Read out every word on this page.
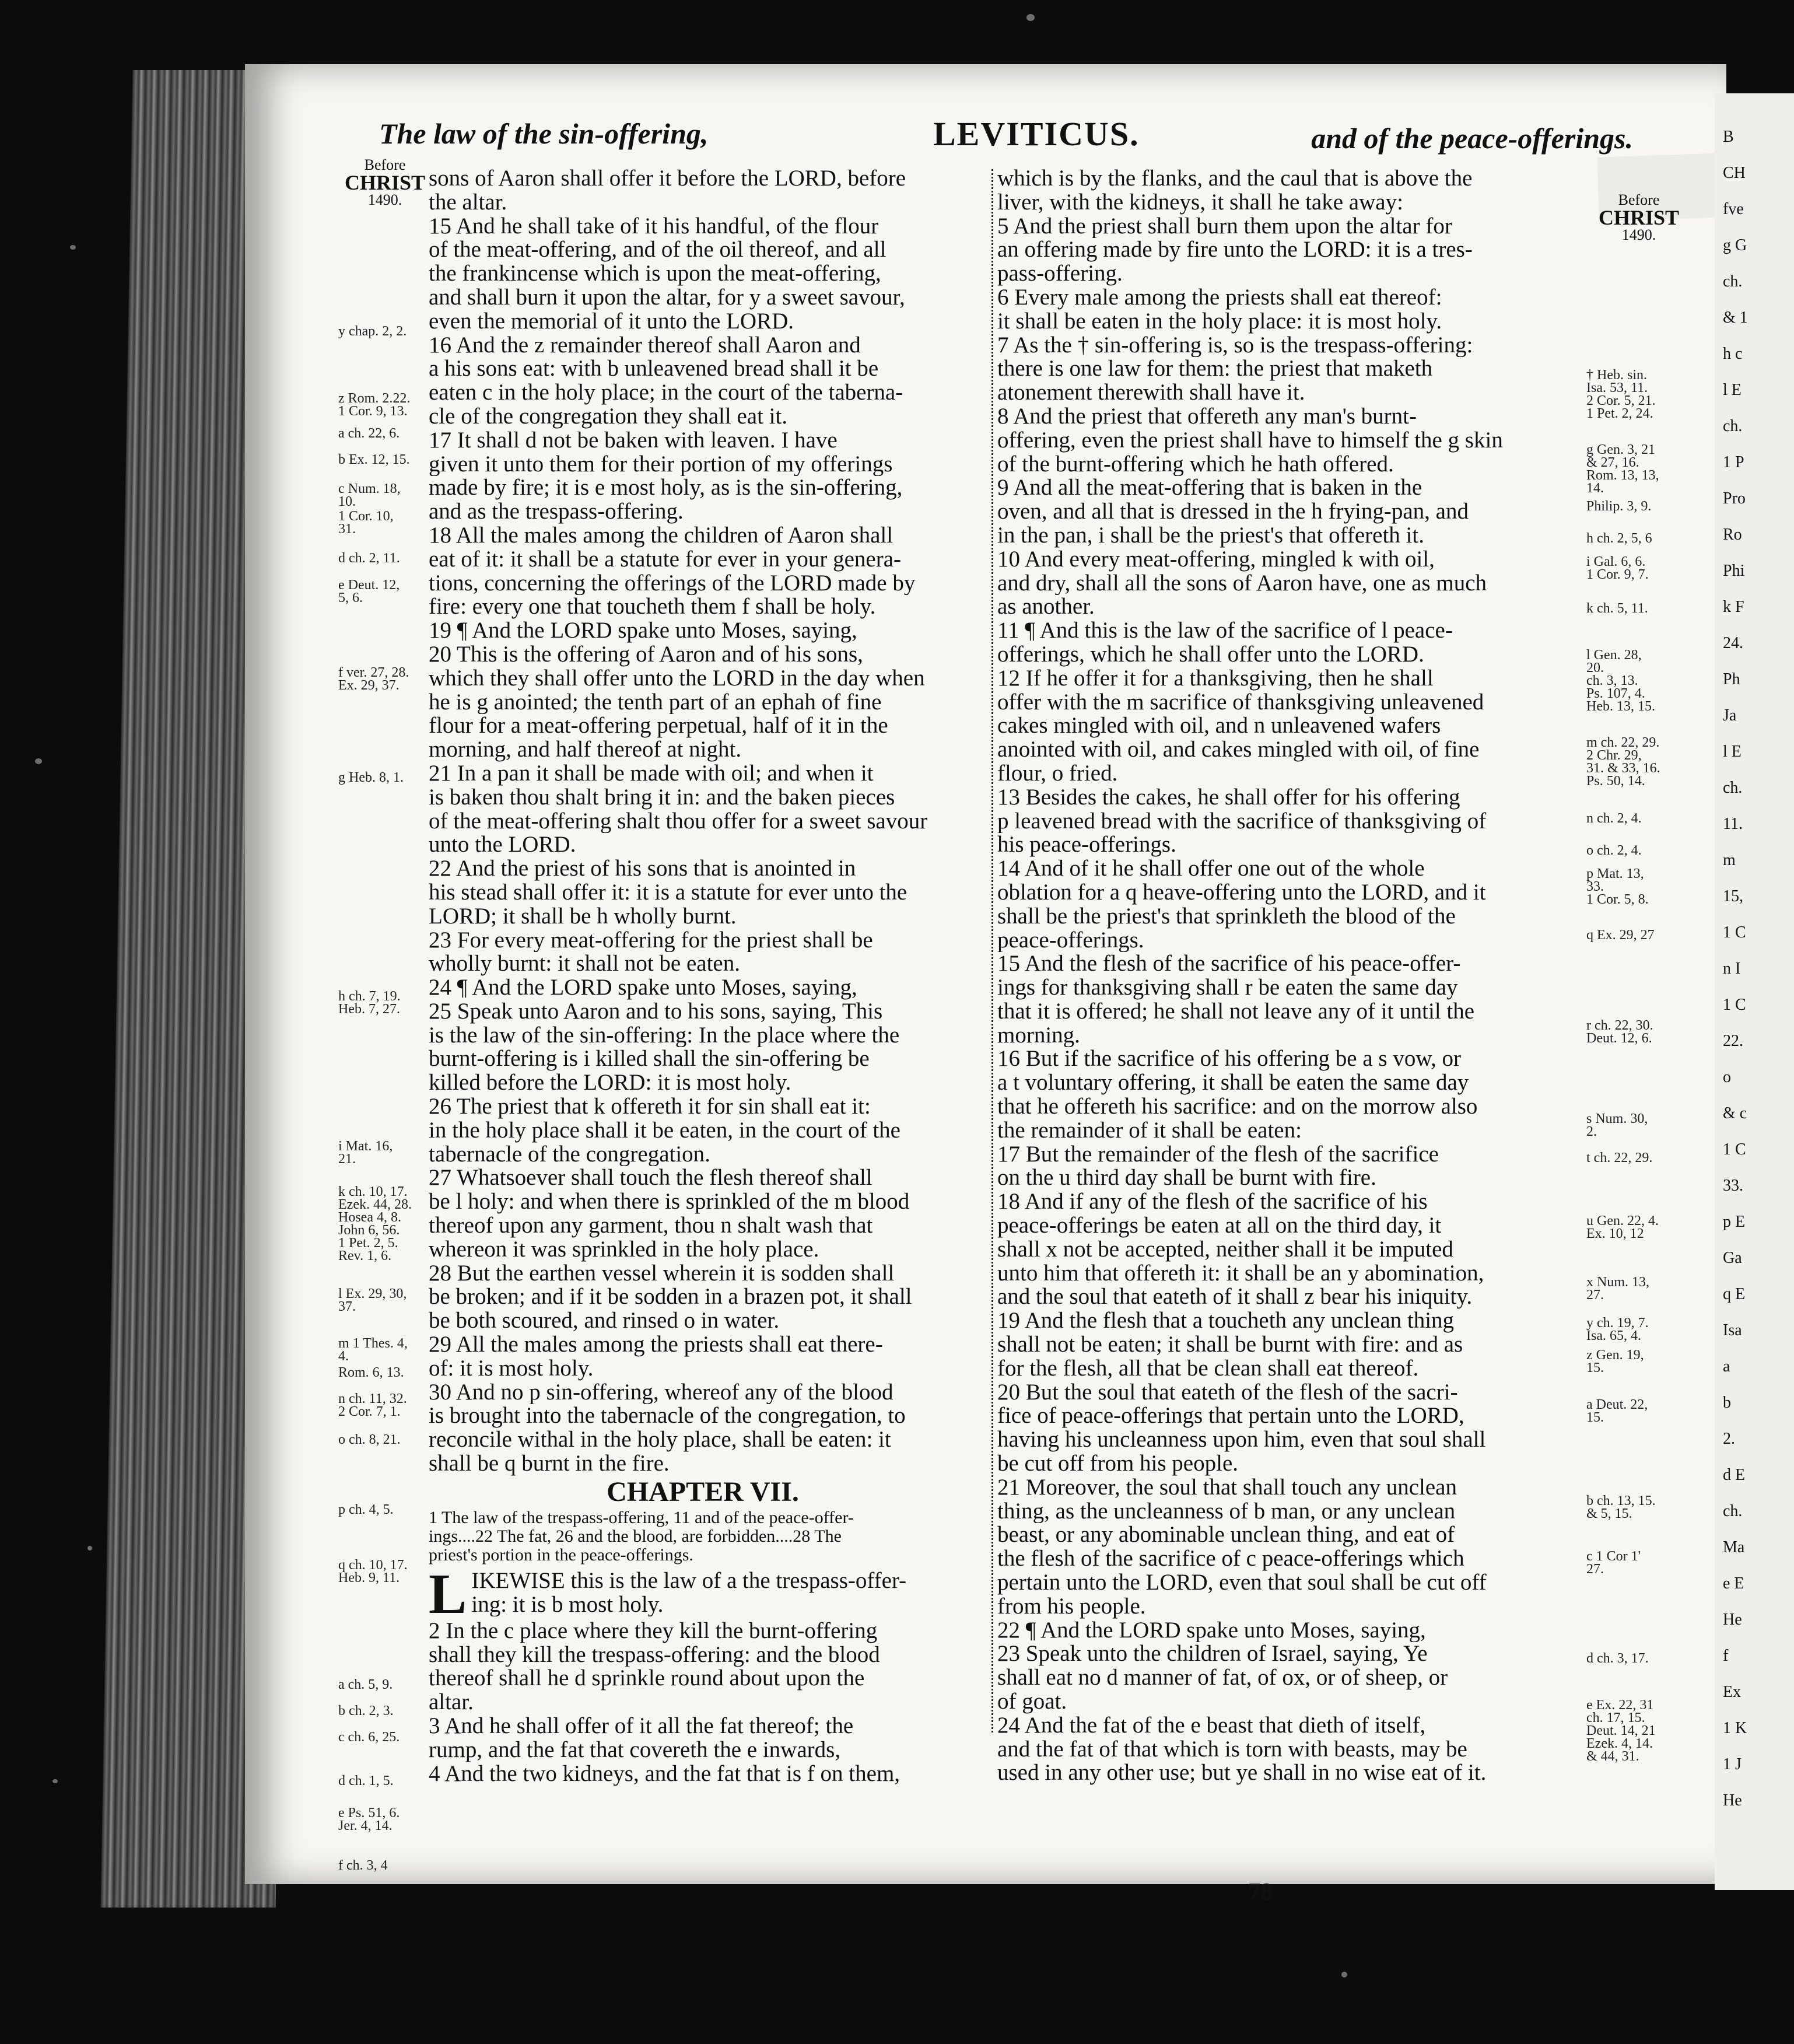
The law of the sin-offering,	LEVITICUS.	and of the peace-offerings.
Before
CHRIST
1490.	Before
CHRIST
1490.
sons of Aaron shall offer it before the LORD, before
the altar.
15 And he shall take of it his handful, of the flour
of the meat-offering, and of the oil thereof, and all
the frankincense which is upon the meat-offering,
and shall burn it upon the altar, for y a sweet savour,
even the memorial of it unto the LORD.
16 And the z remainder thereof shall Aaron and
a his sons eat: with b unleavened bread shall it be
eaten c in the holy place; in the court of the taberna-
cle of the congregation they shall eat it.
17 It shall d not be baken with leaven. I have
given it unto them for their portion of my offerings
made by fire; it is e most holy, as is the sin-offering,
and as the trespass-offering.
18 All the males among the children of Aaron shall
eat of it: it shall be a statute for ever in your genera-
tions, concerning the offerings of the LORD made by
fire: every one that toucheth them f shall be holy.
19 ¶ And the LORD spake unto Moses, saying,
20 This is the offering of Aaron and of his sons,
which they shall offer unto the LORD in the day when
he is g anointed; the tenth part of an ephah of fine
flour for a meat-offering perpetual, half of it in the
morning, and half thereof at night.
21 In a pan it shall be made with oil; and when it
is baken thou shalt bring it in: and the baken pieces
of the meat-offering shalt thou offer for a sweet savour
unto the LORD.
22 And the priest of his sons that is anointed in
his stead shall offer it: it is a statute for ever unto the
LORD; it shall be h wholly burnt.
23 For every meat-offering for the priest shall be
wholly burnt: it shall not be eaten.
24 ¶ And the LORD spake unto Moses, saying,
25 Speak unto Aaron and to his sons, saying, This
is the law of the sin-offering: In the place where the
burnt-offering is i killed shall the sin-offering be
killed before the LORD: it is most holy.
26 The priest that k offereth it for sin shall eat it:
in the holy place shall it be eaten, in the court of the
tabernacle of the congregation.
27 Whatsoever shall touch the flesh thereof shall
be l holy: and when there is sprinkled of the m blood
thereof upon any garment, thou n shalt wash that
whereon it was sprinkled in the holy place.
28 But the earthen vessel wherein it is sodden shall
be broken; and if it be sodden in a brazen pot, it shall
be both scoured, and rinsed o in water.
29 All the males among the priests shall eat there-
of: it is most holy.
30 And no p sin-offering, whereof any of the blood
is brought into the tabernacle of the congregation, to
reconcile withal in the holy place, shall be eaten: it
shall be q burnt in the fire.
CHAPTER VII.
1 The law of the trespass-offering, 11 and of the peace-offer-
ings....22 The fat, 26 and the blood, are forbidden....28 The
priest's portion in the peace-offerings.
L IKEWISE this is the law of a the trespass-offer-
ing: it is b most holy.
2 In the c place where they kill the burnt-offering
shall they kill the trespass-offering: and the blood
thereof shall he d sprinkle round about upon the
altar.
3 And he shall offer of it all the fat thereof; the
rump, and the fat that covereth the e inwards,
4 And the two kidneys, and the fat that is f on them,
which is by the flanks, and the caul that is above the
liver, with the kidneys, it shall he take away:
5 And the priest shall burn them upon the altar for
an offering made by fire unto the LORD: it is a tres-
pass-offering.
6 Every male among the priests shall eat thereof:
it shall be eaten in the holy place: it is most holy.
7 As the † sin-offering is, so is the trespass-offering:
there is one law for them: the priest that maketh
atonement therewith shall have it.
8 And the priest that offereth any man's burnt-
offering, even the priest shall have to himself the g skin
of the burnt-offering which he hath offered.
9 And all the meat-offering that is baken in the
oven, and all that is dressed in the h frying-pan, and
in the pan, i shall be the priest's that offereth it.
10 And every meat-offering, mingled k with oil,
and dry, shall all the sons of Aaron have, one as much
as another.
11 ¶ And this is the law of the sacrifice of l peace-
offerings, which he shall offer unto the LORD.
12 If he offer it for a thanksgiving, then he shall
offer with the m sacrifice of thanksgiving unleavened
cakes mingled with oil, and n unleavened wafers
anointed with oil, and cakes mingled with oil, of fine
flour, o fried.
13 Besides the cakes, he shall offer for his offering
p leavened bread with the sacrifice of thanksgiving of
his peace-offerings.
14 And of it he shall offer one out of the whole
oblation for a q heave-offering unto the LORD, and it
shall be the priest's that sprinkleth the blood of the
peace-offerings.
15 And the flesh of the sacrifice of his peace-offer-
ings for thanksgiving shall r be eaten the same day
that it is offered; he shall not leave any of it until the
morning.
16 But if the sacrifice of his offering be a s vow, or
a t voluntary offering, it shall be eaten the same day
that he offereth his sacrifice: and on the morrow also
the remainder of it shall be eaten:
17 But the remainder of the flesh of the sacrifice
on the u third day shall be burnt with fire.
18 And if any of the flesh of the sacrifice of his
peace-offerings be eaten at all on the third day, it
shall x not be accepted, neither shall it be imputed
unto him that offereth it: it shall be an y abomination,
and the soul that eateth of it shall z bear his iniquity.
19 And the flesh that a toucheth any unclean thing
shall not be eaten; it shall be burnt with fire: and as
for the flesh, all that be clean shall eat thereof.
20 But the soul that eateth of the flesh of the sacri-
fice of peace-offerings that pertain unto the LORD,
having his uncleanness upon him, even that soul shall
be cut off from his people.
21 Moreover, the soul that shall touch any unclean
thing, as the uncleanness of b man, or any unclean
beast, or any abominable unclean thing, and eat of
the flesh of the sacrifice of c peace-offerings which
pertain unto the LORD, even that soul shall be cut off
from his people.
22 ¶ And the LORD spake unto Moses, saying,
23 Speak unto the children of Israel, saying, Ye
shall eat no d manner of fat, of ox, or of sheep, or
of goat.
24 And the fat of the e beast that dieth of itself,
and the fat of that which is torn with beasts, may be
used in any other use; but ye shall in no wise eat of it.
y chap. 2, 2.
z Rom. 2.22.
1 Cor. 9, 13.
a ch. 22, 6.
b Ex. 12, 15.
c Num. 18,
10.
1 Cor. 10,
31.
d ch. 2, 11.
e Deut. 12,
5, 6.
f ver. 27, 28.
Ex. 29, 37.
g Heb. 8, 1.
h ch. 7, 19.
Heb. 7, 27.
i Mat. 16,
21.
k ch. 10, 17.
Ezek. 44, 28.
Hosea 4, 8.
John 6, 56.
1 Pet. 2, 5.
Rev. 1, 6.
l Ex. 29, 30,
37.
m 1 Thes. 4,
4.
Rom. 6, 13.
n ch. 11, 32.
2 Cor. 7, 1.
o ch. 8, 21.
p ch. 4, 5.
q ch. 10, 17.
Heb. 9, 11.
a ch. 5, 9.
b ch. 2, 3.
c ch. 6, 25.
d ch. 1, 5.
e Ps. 51, 6.
Jer. 4, 14.
f ch. 3, 4
† Heb. sin.
Isa. 53, 11.
2 Cor. 5, 21.
1 Pet. 2, 24.
g Gen. 3, 21
& 27, 16.
Rom. 13, 13,
14.
Philip. 3, 9.
h ch. 2, 5, 6
i Gal. 6, 6.
1 Cor. 9, 7.
k ch. 5, 11.
l Gen. 28,
20.
ch. 3, 13.
Ps. 107, 4.
Heb. 13, 15.
m ch. 22, 29.
2 Chr. 29,
31. & 33, 16.
Ps. 50, 14.
n ch. 2, 4.
o ch. 2, 4.
p Mat. 13,
33.
1 Cor. 5, 8.
q Ex. 29, 27
r ch. 22, 30.
Deut. 12, 6.
s Num. 30,
2.
t ch. 22, 29.
u Gen. 22, 4.
Ex. 10, 12
x Num. 13,
27.
y ch. 19, 7.
Isa. 65, 4.
z Gen. 19,
15.
a Deut. 22,
15.
b ch. 13, 15.
& 5, 15.
c 1 Cor 1'
27.
d ch. 3, 17.
e Ex. 22, 31
ch. 17, 15.
Deut. 14, 21
Ezek. 4, 14.
& 44, 31.
78
B
CH
fve
g G
ch.
& 1
h c
l E
ch.
1 P
Pro
Ro
Phi
k F
24.
Ph
Ja
l E
ch.
11.
m
15,
1 C
n I
1 C
22.
o
& c
1 C
33.
p E
Ga
q E
Isa
a
b
2.
d E
ch.
Ma
e E
He
f
Ex
1 K
1 J
He
